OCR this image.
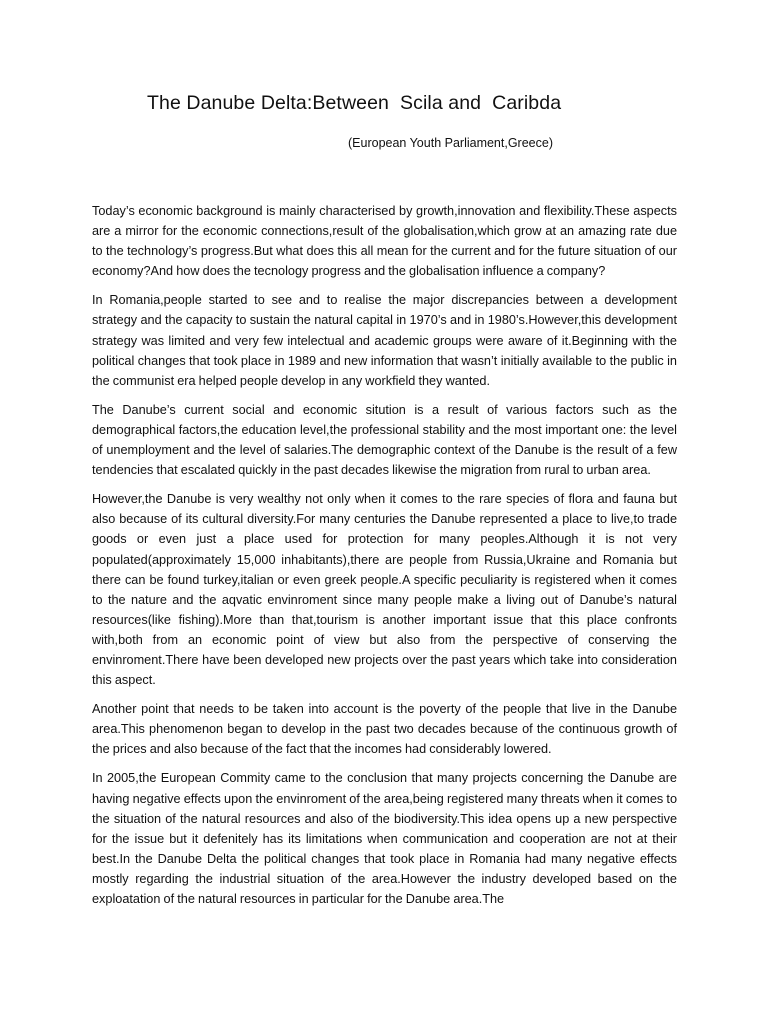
The Danube Delta:Between  Scila and  Caribda

(European Youth Parliament,Greece)

Today’s economic background is mainly characterised by growth,innovation and flexibility.These aspects are a mirror for the economic connections,result of the globalisation,which grow at an amazing rate due to the technology’s progress.But what does this all mean for the current and for the future situation of our economy?And how does the tecnology progress and the globalisation influence a company?

In Romania,people started to see and to realise the major discrepancies between a development strategy and the capacity to sustain the natural capital in 1970’s and in 1980’s.However,this development strategy was limited and very few intelectual and academic groups were aware of it.Beginning with the political changes that took place in 1989 and new information that wasn’t initially available to the public in the communist era helped people develop in any workfield they wanted.

The Danube’s current social and economic sitution is a result of various factors such as the demographical factors,the education level,the professional stability and the most important one: the level of unemployment and the level of salaries.The demographic context of the Danube is the result of a few tendencies that escalated quickly in the past decades likewise the migration from rural to urban area.

However,the Danube is very wealthy not only when it comes to the rare species of flora and fauna but also because of its cultural diversity.For many centuries the Danube represented a place to live,to trade goods or even just a place used for protection for many peoples.Although it is not very populated(approximately 15,000 inhabitants),there are people from Russia,Ukraine and Romania but there can be found turkey,italian or even greek people.A specific peculiarity is registered when it comes to the nature and the aqvatic envinroment since many people make a living out of Danube’s natural resources(like fishing).More than that,tourism is another important issue that this place confronts with,both from an economic point of view but also from the perspective of conserving the envinroment.There have been developed new projects over the past years which take into consideration this aspect.

Another point that needs to be taken into account is the poverty of the people that live in the Danube area.This phenomenon began to develop in the past two decades because of the continuous growth of the prices and also because of the fact that the incomes had considerably lowered.

In 2005,the European Commity came to the conclusion that many projects concerning the Danube are having negative effects upon the envinroment of the area,being registered many threats when it comes to the situation of the natural resources and also of the biodiversity.This idea opens up a new perspective for the issue but it defenitely has its limitations when communication and cooperation are not at their best.In the Danube Delta the political changes that took place in Romania had many negative effects mostly regarding the industrial situation of the area.However the industry developed based on the exploatation of the natural resources in particular for the Danube area.The
